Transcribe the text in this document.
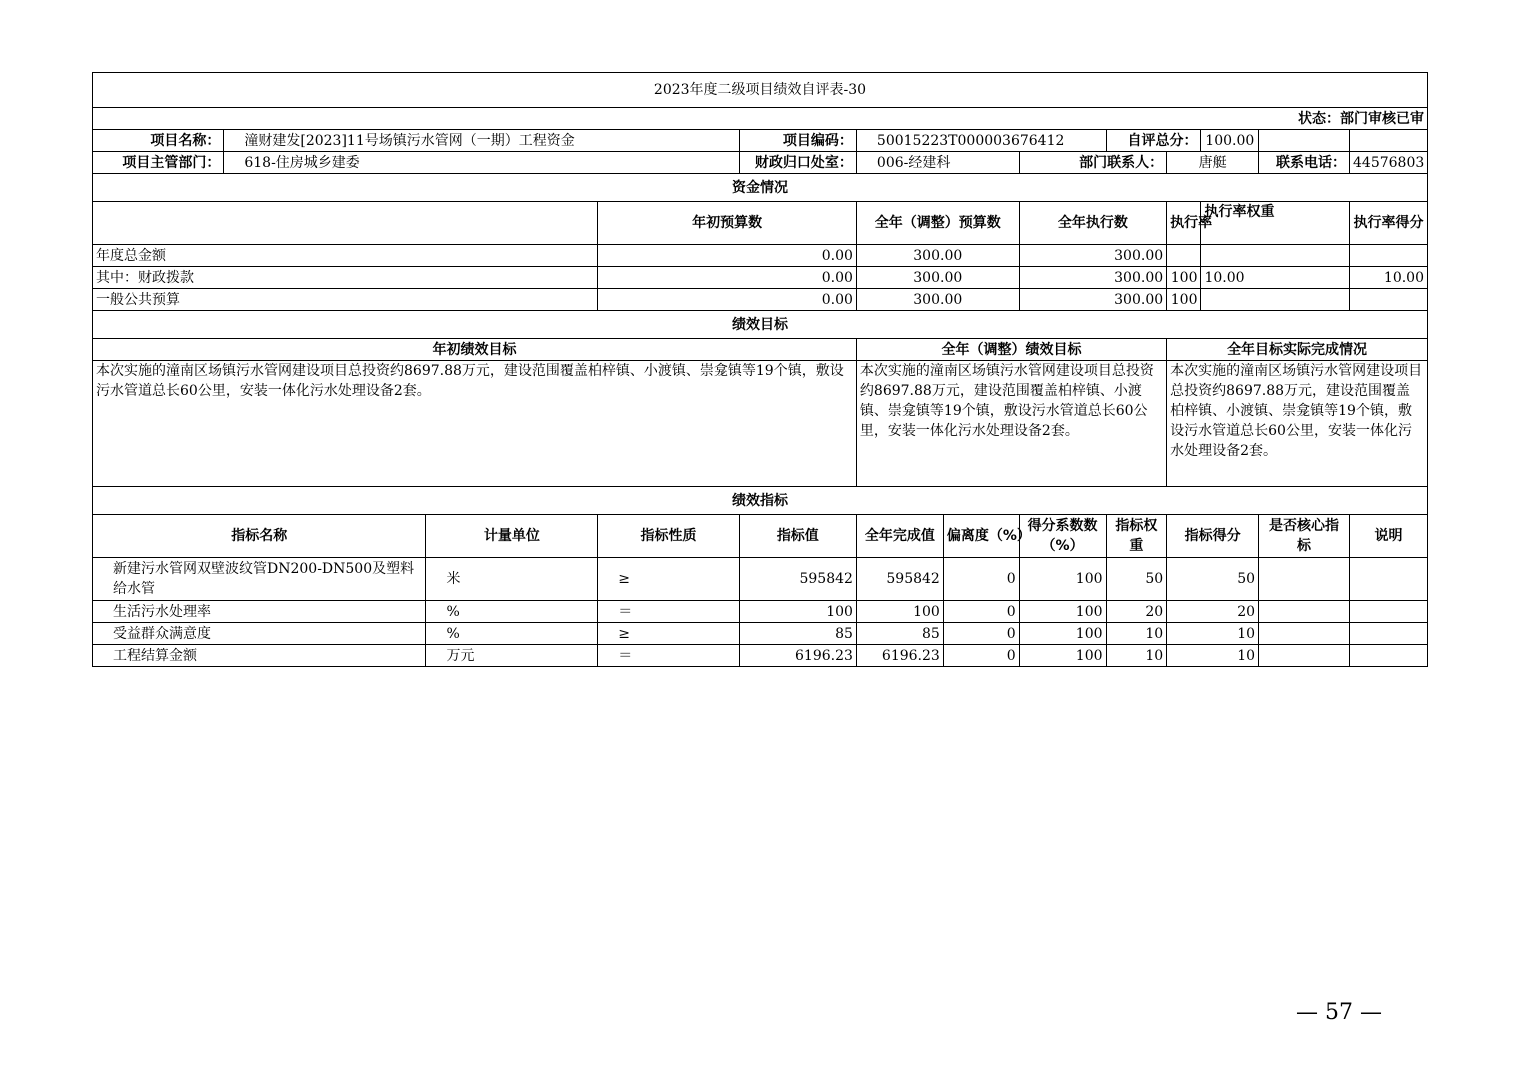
2023年度二级项目绩效自评表-30												
状态：部门审核已审												
项目名称：	潼财建发[2023]11号场镇污水管网（一期）工程资金			项目编码：	50015223T000003676412			自评总分：		100.00		
项目主管部门：	618-住房城乡建委			财政归口处室：	006-经建科		部门联系人：		唐艇		联系电话：	44576803
资金情况												
			年初预算数		全年（调整）预算数		全年执行数		执行率	执行率权重		执行率得分
年度总金额			0.00		300.00		300.00					
其中：财政拨款			0.00		300.00		300.00		100	10.00		10.00
一般公共预算			0.00		300.00		300.00		100			
绩效目标												
年初绩效目标					全年（调整）绩效目标				全年目标实际完成情况			
本次实施的潼南区场镇污水管网建设项目总投资约8697.88万元，建设范围覆盖柏梓镇、小渡镇、崇龛镇等19个镇，敷设污水管道总长60公里，安装一体化污水处理设备2套。					本次实施的潼南区场镇污水管网建设项目总投资约8697.88万元，建设范围覆盖柏梓镇、小渡镇、崇龛镇等19个镇，敷设污水管道总长60公里，安装一体化污水处理设备2套。				本次实施的潼南区场镇污水管网建设项目总投资约8697.88万元，建设范围覆盖柏梓镇、小渡镇、崇龛镇等19个镇，敷设污水管道总长60公里，安装一体化污水处理设备2套。			
绩效指标												
指标名称		计量单位	指标性质	指标值	全年完成值	偏离度（%）	得分系数数（%）	指标权重	指标得分		是否核心指标	说明
新建污水管网双壁波纹管DN200-DN500及塑料给水管		米	≥	595842	595842	0	100	50	50			
生活污水处理率		%	＝	100	100	0	100	20	20			
受益群众满意度		%	≥	85	85	0	100	10	10			
工程结算金额		万元	＝	6196.23	6196.23	0	100	10	10			
— 57 —
